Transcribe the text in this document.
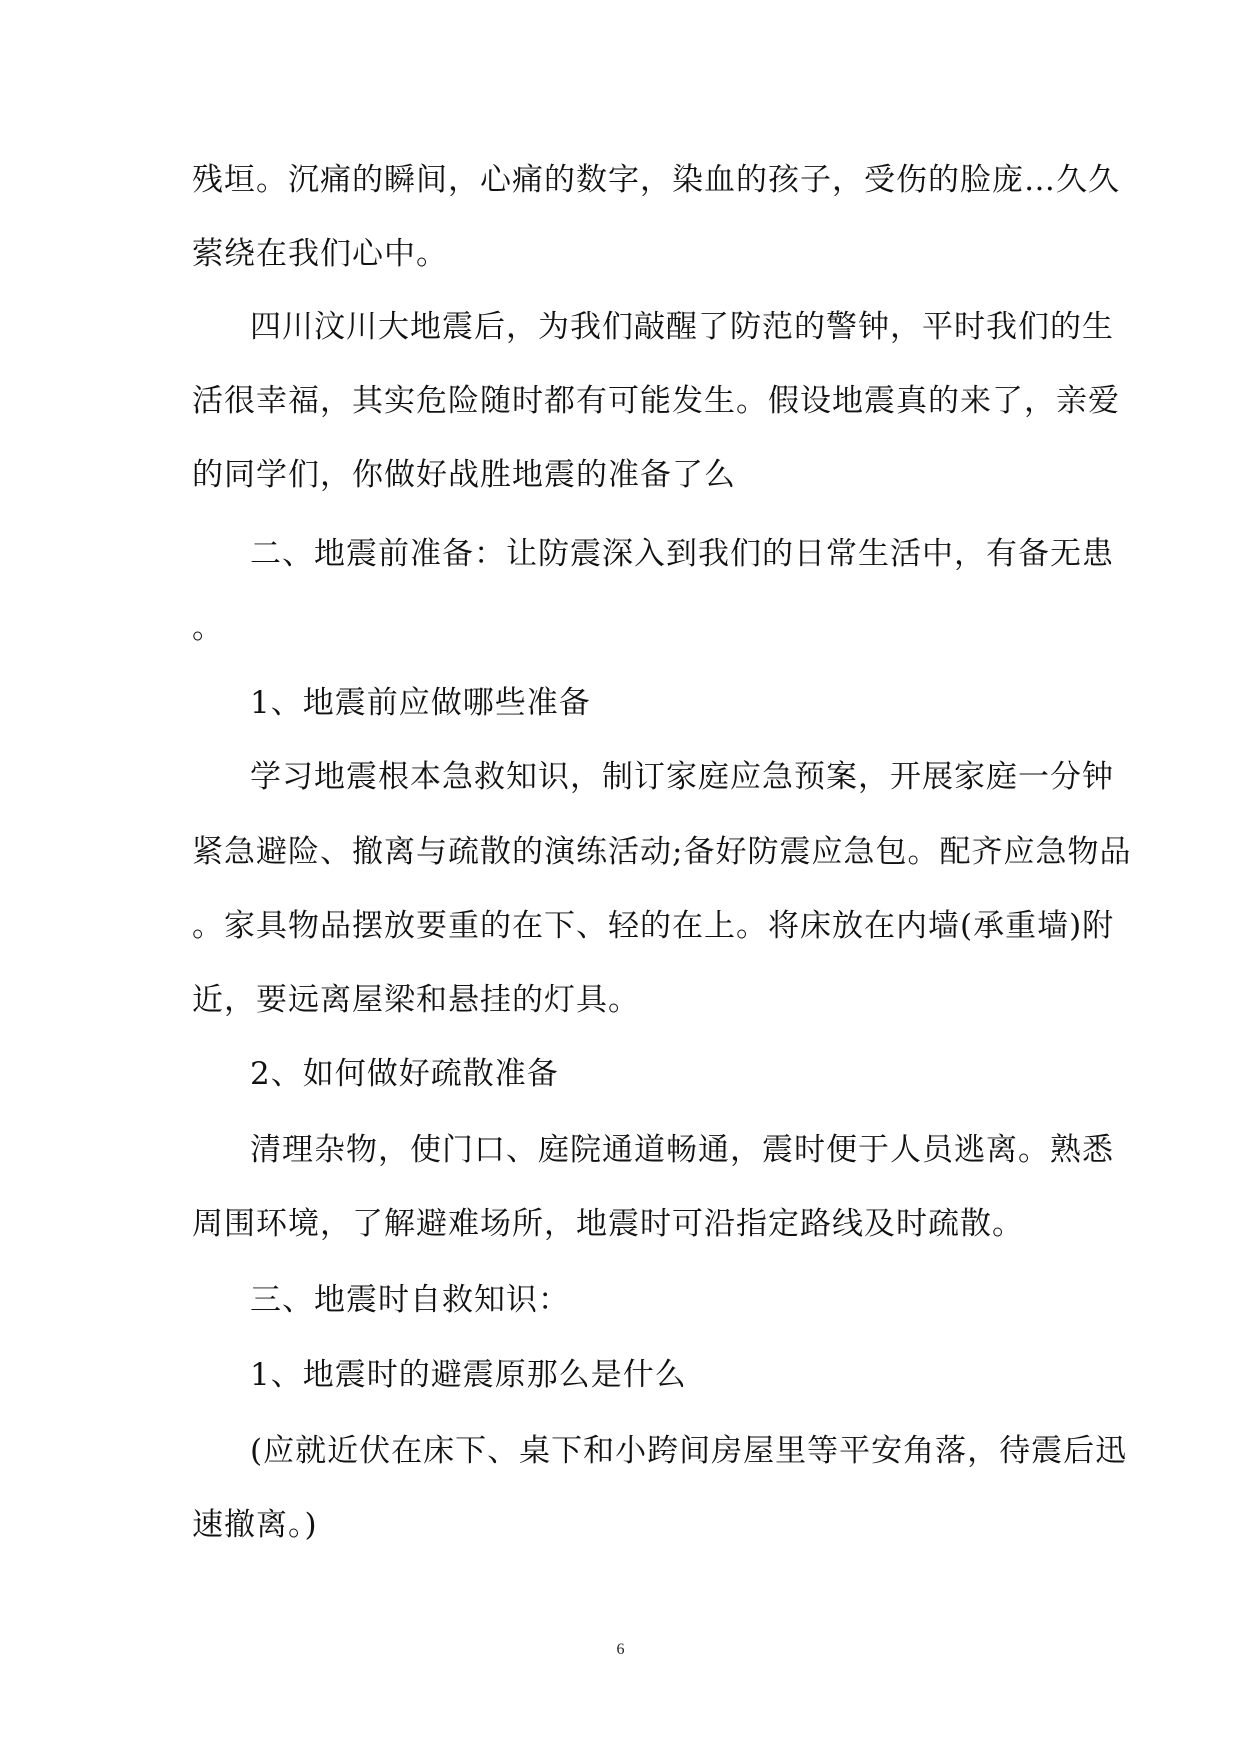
残垣。沉痛的瞬间，心痛的数字，染血的孩子，受伤的脸庞…久久
萦绕在我们心中。
四川汶川大地震后，为我们敲醒了防范的警钟，平时我们的生
活很幸福，其实危险随时都有可能发生。假设地震真的来了，亲爱
的同学们，你做好战胜地震的准备了么
二、地震前准备：让防震深入到我们的日常生活中，有备无患
。
1、地震前应做哪些准备
学习地震根本急救知识，制订家庭应急预案，开展家庭一分钟
紧急避险、撤离与疏散的演练活动;备好防震应急包。配齐应急物品
。家具物品摆放要重的在下、轻的在上。将床放在内墙(承重墙)附
近，要远离屋梁和悬挂的灯具。
2、如何做好疏散准备
清理杂物，使门口、庭院通道畅通，震时便于人员逃离。熟悉
周围环境，了解避难场所，地震时可沿指定路线及时疏散。
三、地震时自救知识：
1、地震时的避震原那么是什么
(应就近伏在床下、桌下和小跨间房屋里等平安角落，待震后迅
速撤离。)
6
